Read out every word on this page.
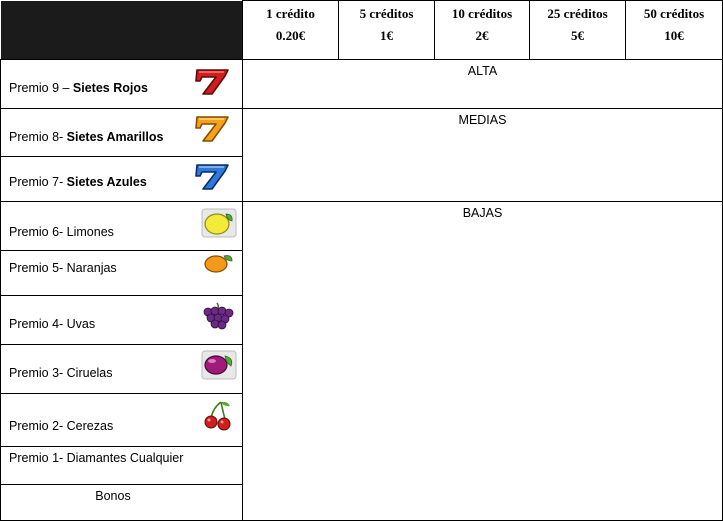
1 crédito
0.20€
5 créditos
1€
10 créditos
2€
25 créditos
5€
50 créditos
10€
ALTA
MEDIAS
BAJAS
Premio 9 – Sietes Rojos
Premio 8- Sietes Amarillos
Premio 7- Sietes Azules
Premio 6- Limones
Premio 5- Naranjas
Premio 4- Uvas
Premio 3- Ciruelas
Premio 2- Cerezas
Premio 1- Diamantes Cualquier
Bonos
